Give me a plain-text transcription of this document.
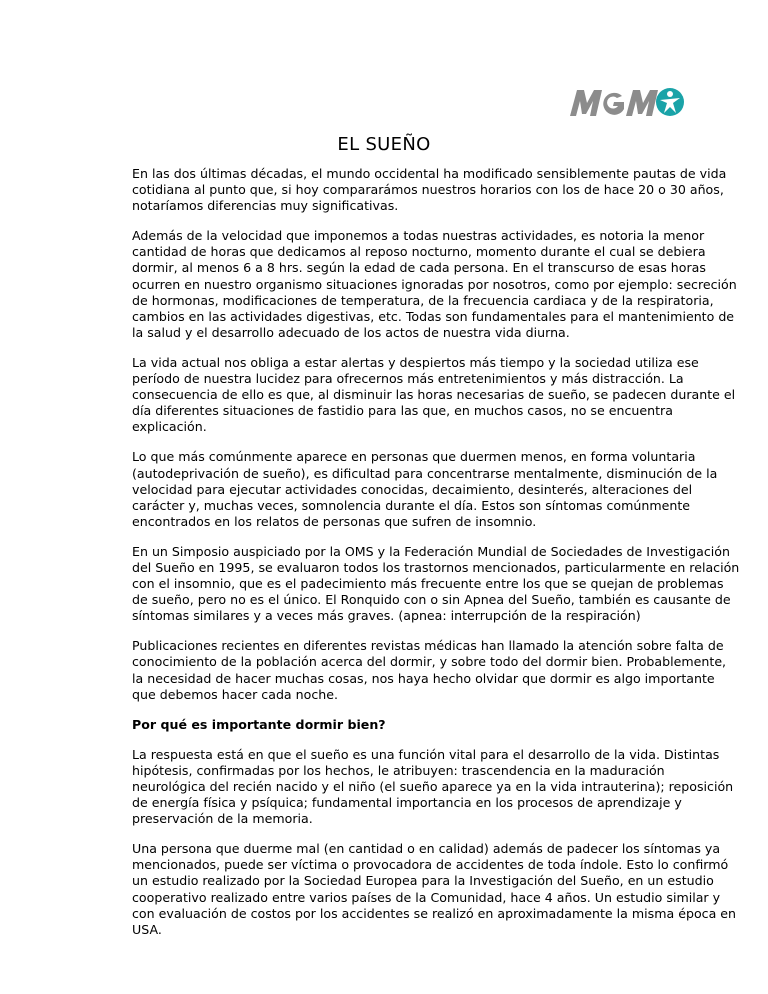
EL SUEÑO

En las dos últimas décadas, el mundo occidental ha modificado sensiblemente pautas de vida cotidiana al punto que, si hoy compararámos nuestros horarios con los de hace 20 o 30 años, notaríamos diferencias muy significativas.

Además de la velocidad que imponemos a todas nuestras actividades, es notoria la menor cantidad de horas que dedicamos al reposo nocturno, momento durante el cual se debiera dormir, al menos 6 a 8 hrs. según la edad de cada persona. En el transcurso de esas horas ocurren en nuestro organismo situaciones ignoradas por nosotros, como por ejemplo: secreción de hormonas, modificaciones de temperatura, de la frecuencia cardiaca y de la respiratoria, cambios en las actividades digestivas, etc. Todas son fundamentales para el mantenimiento de la salud y el desarrollo adecuado de los actos de nuestra vida diurna.

La vida actual nos obliga a estar alertas y despiertos más tiempo y la sociedad utiliza ese período de nuestra lucidez para ofrecernos más entretenimientos y más distracción. La consecuencia de ello es que, al disminuir las horas necesarias de sueño, se padecen durante el día diferentes situaciones de fastidio para las que, en muchos casos, no se encuentra explicación.

Lo que más comúnmente aparece en personas que duermen menos, en forma voluntaria (autodeprivación de sueño), es dificultad para concentrarse mentalmente, disminución de la velocidad para ejecutar actividades conocidas, decaimiento, desinterés, alteraciones del carácter y, muchas veces, somnolencia durante el día. Estos son síntomas comúnmente encontrados en los relatos de personas que sufren de insomnio.

En un Simposio auspiciado por la OMS y la Federación Mundial de Sociedades de Investigación del Sueño en 1995, se evaluaron todos los trastornos mencionados, particularmente en relación con el insomnio, que es el padecimiento más frecuente entre los que se quejan de problemas de sueño, pero no es el único. El Ronquido con o sin Apnea del Sueño, también es causante de síntomas similares y a veces más graves. (apnea: interrupción de la respiración)

Publicaciones recientes en diferentes revistas médicas han llamado la atención sobre falta de conocimiento de la población acerca del dormir, y sobre todo del dormir bien. Probablemente, la necesidad de hacer muchas cosas, nos haya hecho olvidar que dormir es algo importante que debemos hacer cada noche.

Por qué es importante dormir bien?

La respuesta está en que el sueño es una función vital para el desarrollo de la vida. Distintas hipótesis, confirmadas por los hechos, le atribuyen: trascendencia en la maduración neurológica del recién nacido y el niño (el sueño aparece ya en la vida intrauterina); reposición de energía física y psíquica; fundamental importancia en los procesos de aprendizaje y preservación de la memoria.

Una persona que duerme mal (en cantidad o en calidad) además de padecer los síntomas ya mencionados, puede ser víctima o provocadora de accidentes de toda índole. Esto lo confirmó un estudio realizado por la Sociedad Europea para la Investigación del Sueño, en un estudio cooperativo realizado entre varios países de la Comunidad, hace 4 años. Un estudio similar y con evaluación de costos por los accidentes se realizó en aproximadamente la misma época en USA.
